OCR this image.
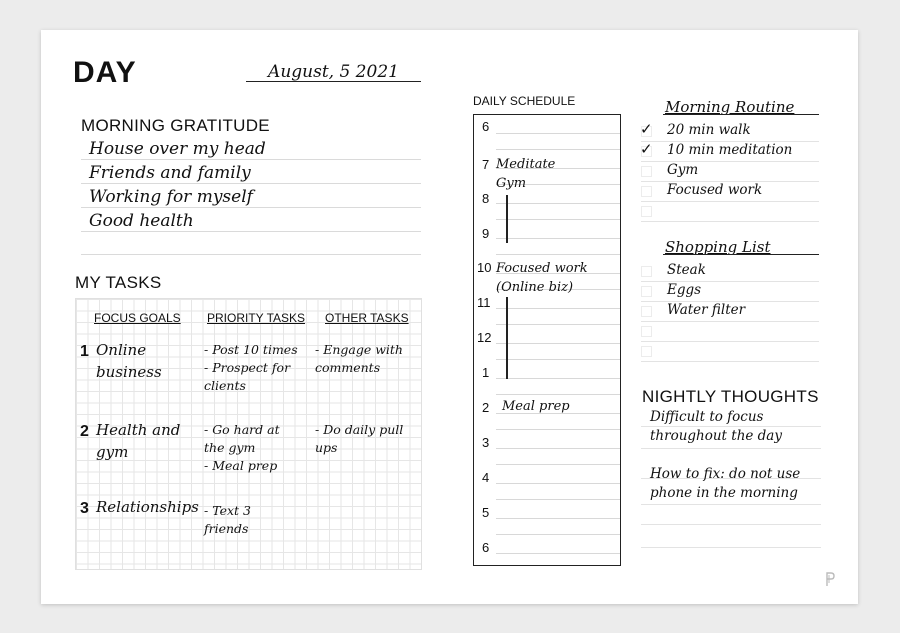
DAY	August, 5 2021
MORNING GRATITUDE
House over my head
Friends and family
Working for myself
Good health
MY TASKS
FOCUS GOALS PRIORITY TASKS OTHER TASKS
1 Online
business
- Post 10 times
- Prospect for
clients
- Engage with
comments
2 Health and
gym
- Go hard at
the gym
- Meal prep
- Do daily pull
ups
3 Relationships - Text 3
friends
DAILY SCHEDULE
6
7
8
9
10
11
12
1
2
3
4
5
6
Meditate
Gym
Focused work
(Online biz)
Meal prep
Morning Routine
✓ 20 min walk
✓ 10 min meditation
Gym
Focused work
Shopping List
Steak
Eggs
Water filter
NIGHTLY THOUGHTS
Difficult to focus
throughout the day
How to fix: do not use
phone in the morning
